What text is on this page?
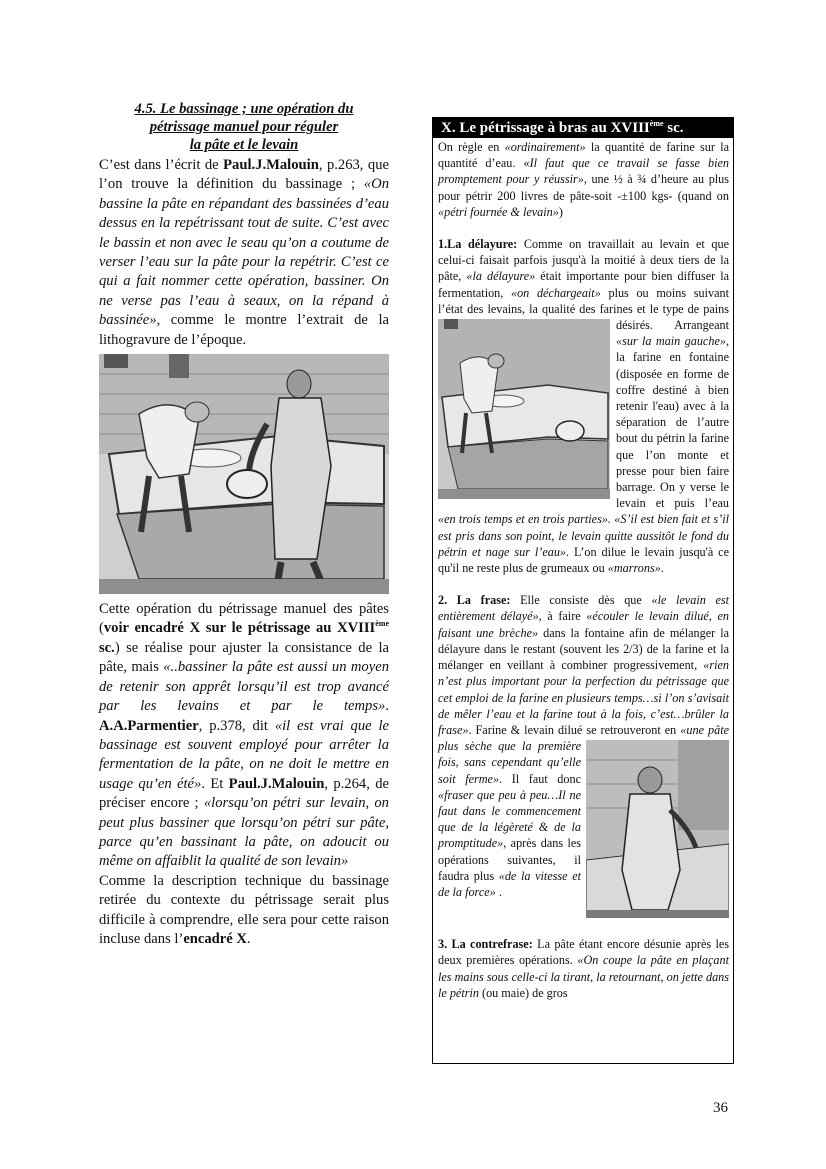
4.5. Le bassinage ; une opération du
pétrissage manuel pour réguler
la pâte et le levain

C’est dans l’écrit de Paul.J.Malouin, p.263, que l’on trouve la définition du bassinage ; «On bassine la pâte en répandant des bassinées d’eau dessus en la repétrissant tout de suite. C’est avec le bassin et non avec le seau qu’on a coutume de verser l’eau sur la pâte pour la repétrir. C’est ce qui a fait nommer cette opération, bassiner. On ne verse pas l’eau à seaux, on la répand à bassinée», comme le montre l’extrait de la lithogravure de l’époque.

Cette opération du pétrissage manuel des pâtes (voir encadré X sur le pétrissage au XVIIIème sc.) se réalise pour ajuster la consistance de la pâte, mais «..bassiner la pâte est aussi un moyen de retenir son apprêt lorsqu’il est trop avancé par les levains et par le temps». A.A.Parmentier, p.378, dit «il est vrai que le bassinage est souvent employé pour arrêter la fermentation de la pâte, on ne doit le mettre en usage qu’en été». Et Paul.J.Malouin, p.264, de préciser encore ; «lorsqu’on pétri sur levain, on peut plus bassiner que lorsqu’on pétri sur pâte, parce qu’en bassinant la pâte, on adoucit ou même on affaiblit la qualité de son levain»

Comme la description technique du bassinage retirée du contexte du pétrissage serait plus difficile à comprendre, elle sera pour cette raison incluse dans l’encadré X.

X. Le pétrissage à bras au XVIIIème sc.

On règle en «ordinairement» la quantité de farine sur la quantité d’eau. «Il faut que ce travail se fasse bien promptement pour y réussir», une ½ à ¾ d’heure au plus pour pétrir 200 livres de pâte-soit -±100 kgs- (quand on «pétri fournée & levain»)

1.La délayure: Comme on travaillait au levain et que celui-ci faisait parfois jusqu'à la moitié à deux tiers de la pâte, «la délayure» était importante pour bien diffuser la fermentation, «on déchargeait» plus ou moins suivant l’état des levains, la qualité des farines et le type de pains désirés. Arrangeant
«sur la main gauche», la farine en fontaine (disposée en forme de coffre destiné à bien retenir l'eau) avec à la séparation de l’autre bout du pétrin la farine que l’on monte et presse pour bien faire barrage. On y verse le levain et puis l’eau «en trois temps et en trois parties». «S’il est bien fait et s’il est pris dans son point, le levain quitte aussitôt le fond du pétrin et nage sur l’eau». L’on dilue le levain jusqu'à ce qu'il ne reste plus de grumeaux ou «marrons».

2. La frase: Elle consiste dès que «le levain est entièrement délayé», à faire «écouler le levain dilué, en faisant une brèche» dans la fontaine afin de mélanger la délayure dans le restant (souvent les 2/3) de la farine et la mélanger en veillant à combiner progressivement, «rien n’est plus important pour la perfection du pétrissage que cet emploi de la farine en plusieurs temps…si l’on s’avisait de mêler l’eau et la farine tout à la fois, c’est…brûler la frase». Farine & levain dilué se retrouveront en
«une pâte plus sèche que la première fois, sans cependant qu’elle soit ferme». Il faut donc «fraser que peu à peu…Il ne faut dans le commencement que de la légèreté & de la promptitude», après dans les opérations suivantes, il faudra plus «de la vitesse et de la force» .

3. La contrefrase: La pâte étant encore désunie après les deux premières opérations. «On coupe la pâte en plaçant les mains sous celle-ci la tirant, la retournant, on jette dans le pétrin (ou maie) de gros

36
